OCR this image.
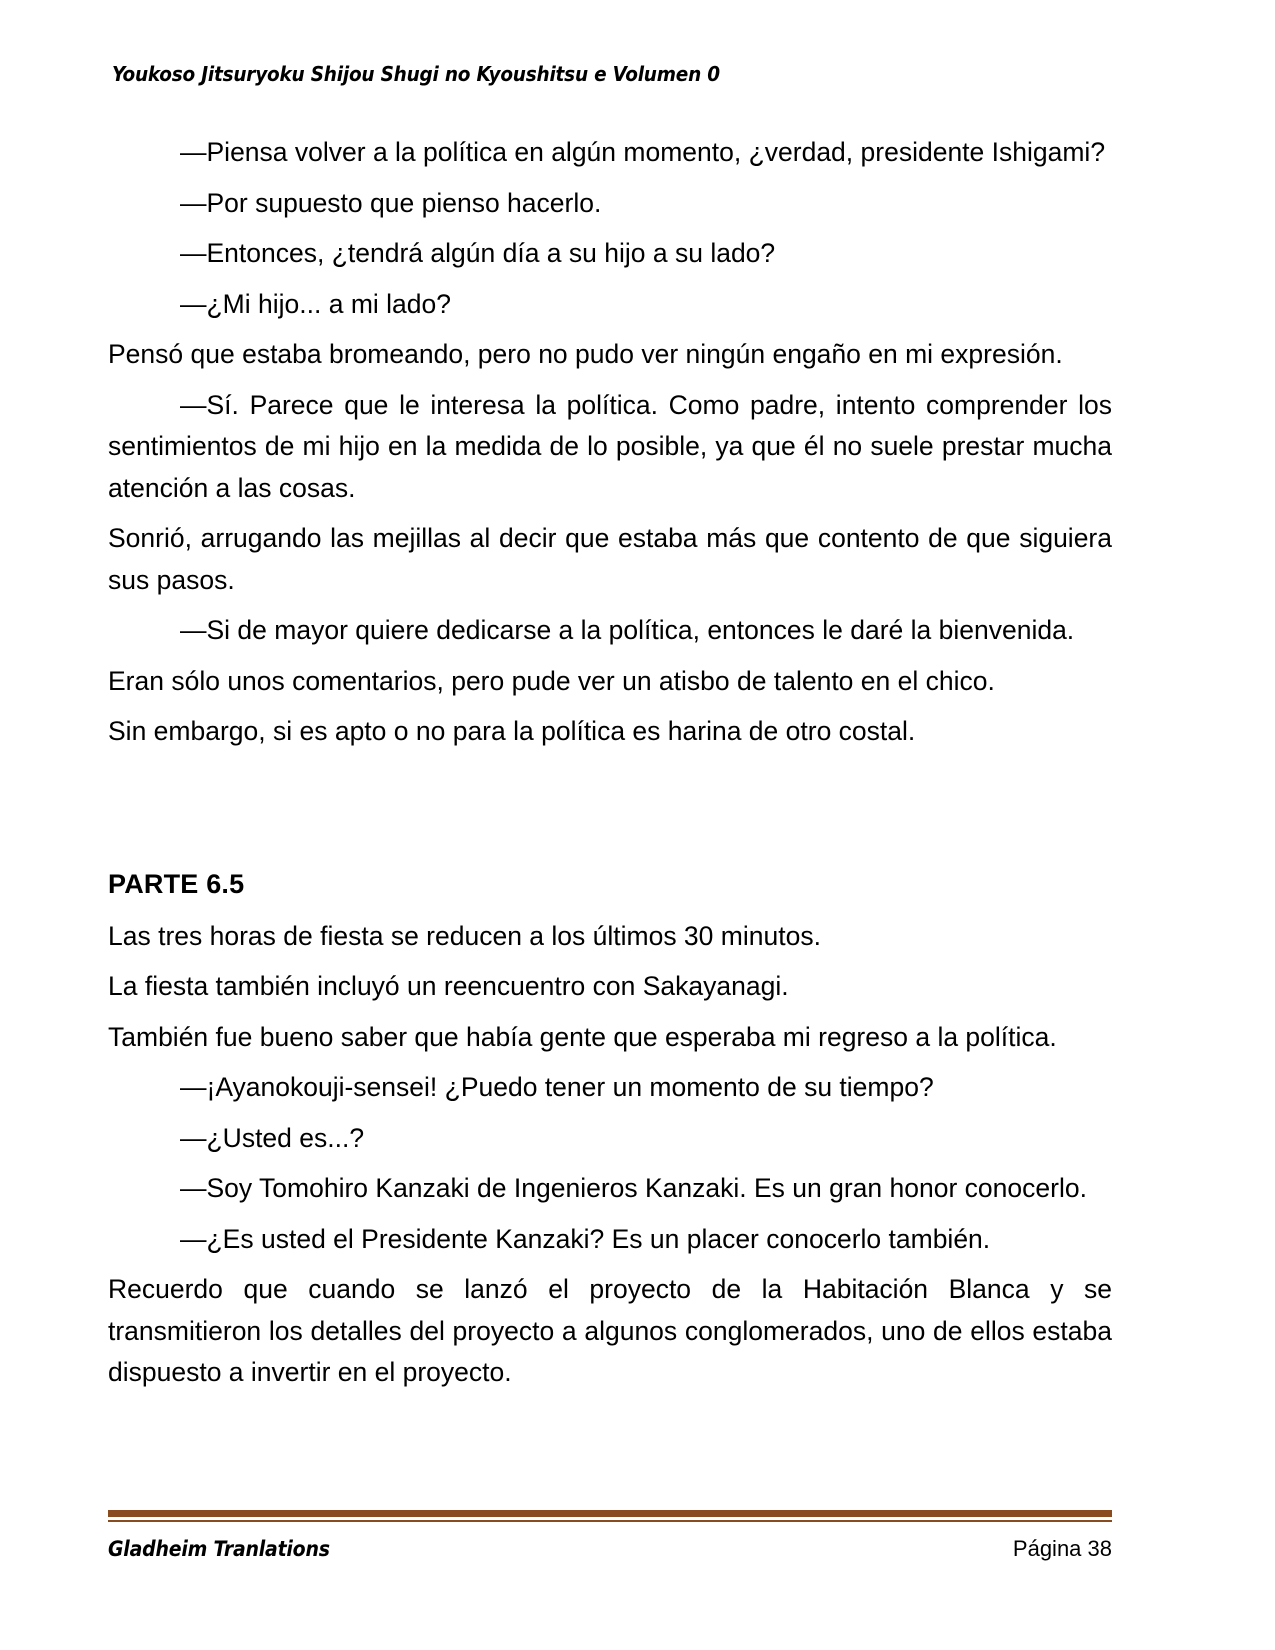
Youkoso Jitsuryoku Shijou Shugi no Kyoushitsu e Volumen 0

—Piensa volver a la política en algún momento, ¿verdad, presidente Ishigami?

—Por supuesto que pienso hacerlo.

—Entonces, ¿tendrá algún día a su hijo a su lado?

—¿Mi hijo... a mi lado?

Pensó que estaba bromeando, pero no pudo ver ningún engaño en mi expresión.

—Sí. Parece que le interesa la política. Como padre, intento comprender los sentimientos de mi hijo en la medida de lo posible, ya que él no suele prestar mucha atención a las cosas.

Sonrió, arrugando las mejillas al decir que estaba más que contento de que siguiera sus pasos.

—Si de mayor quiere dedicarse a la política, entonces le daré la bienvenida.

Eran sólo unos comentarios, pero pude ver un atisbo de talento en el chico.

Sin embargo, si es apto o no para la política es harina de otro costal.

PARTE 6.5

Las tres horas de fiesta se reducen a los últimos 30 minutos.

La fiesta también incluyó un reencuentro con Sakayanagi.

También fue bueno saber que había gente que esperaba mi regreso a la política.

—¡Ayanokouji-sensei! ¿Puedo tener un momento de su tiempo?

—¿Usted es...?

—Soy Tomohiro Kanzaki de Ingenieros Kanzaki. Es un gran honor conocerlo.

—¿Es usted el Presidente Kanzaki? Es un placer conocerlo también.

Recuerdo que cuando se lanzó el proyecto de la Habitación Blanca y se transmitieron los detalles del proyecto a algunos conglomerados, uno de ellos estaba dispuesto a invertir en el proyecto.

Gladheim Tranlations	Página 38
